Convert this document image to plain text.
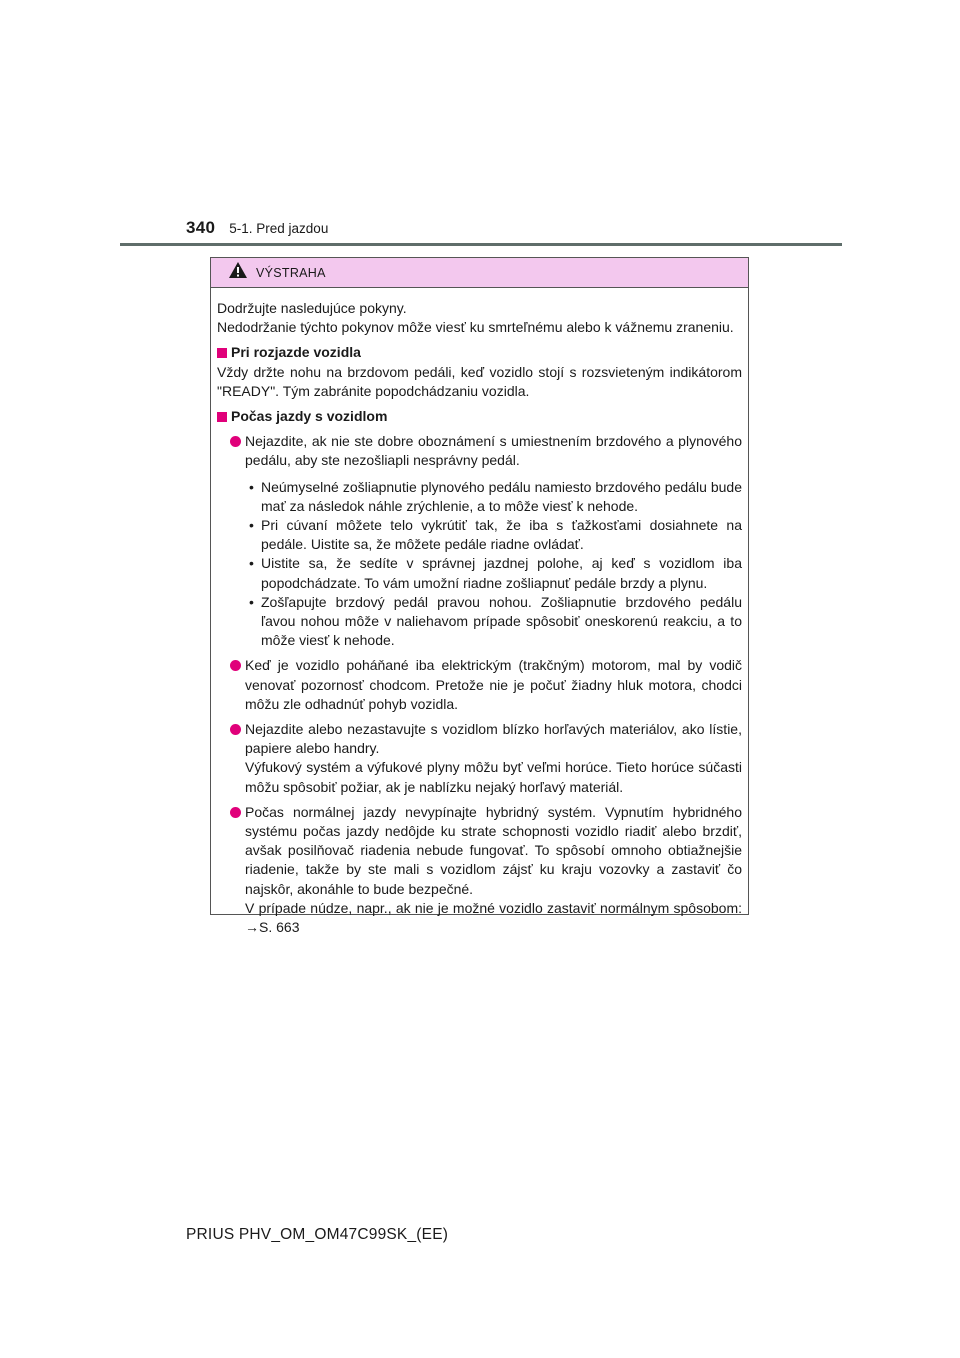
340 5-1. Pred jazdou
VÝSTRAHA

Dodržujte nasledujúce pokyny.

Nedodržanie týchto pokynov môže viesť ku smrteľnému alebo k vážnemu zraneniu.

Pri rozjazde vozidla

Vždy držte nohu na brzdovom pedáli, keď vozidlo stojí s rozsvieteným indikátorom "READY". Tým zabránite popodchádzaniu vozidla.

Počas jazdy s vozidlom

Nejazdite, ak nie ste dobre oboznámení s umiestnením brzdového a plynového pedálu, aby ste nezošliapli nesprávny pedál.

• Neúmyselné zošliapnutie plynového pedálu namiesto brzdového pedálu bude mať za následok náhle zrýchlenie, a to môže viesť k nehode.
• Pri cúvaní môžete telo vykrútiť tak, že iba s ťažkosťami dosiahnete na pedále. Uistite sa, že môžete pedále riadne ovládať.
• Uistite sa, že sedíte v správnej jazdnej polohe, aj keď s vozidlom iba popodchádzate. To vám umožní riadne zošliapnuť pedále brzdy a plynu.
• Zošľapujte brzdový pedál pravou nohou. Zošliapnutie brzdového pedálu ľavou nohou môže v naliehavom prípade spôsobiť oneskorenú reakciu, a to môže viesť k nehode.

Keď je vozidlo poháňané iba elektrickým (trakčným) motorom, mal by vodič venovať pozornosť chodcom. Pretože nie je počuť žiadny hluk motora, chodci môžu zle odhadnúť pohyb vozidla.

Nejazdite alebo nezastavujte s vozidlom blízko horľavých materiálov, ako lístie, papiere alebo handry.

Výfukový systém a výfukové plyny môžu byť veľmi horúce. Tieto horúce súčasti môžu spôsobiť požiar, ak je nablízku nejaký horľavý materiál.

Počas normálnej jazdy nevypínajte hybridný systém. Vypnutím hybridného systému počas jazdy nedôjde ku strate schopnosti vozidlo riadiť alebo brzdiť, avšak posilňovač riadenia nebude fungovať. To spôsobí omnoho obtiažnejšie riadenie, takže by ste mali s vozidlom zájsť ku kraju vozovky a zastaviť čo najskôr, akonáhle to bude bezpečné.

V prípade núdze, napr., ak nie je možné vozidlo zastaviť normálnym spôsobom: →S. 663

PRIUS PHV_OM_OM47C99SK_(EE)
